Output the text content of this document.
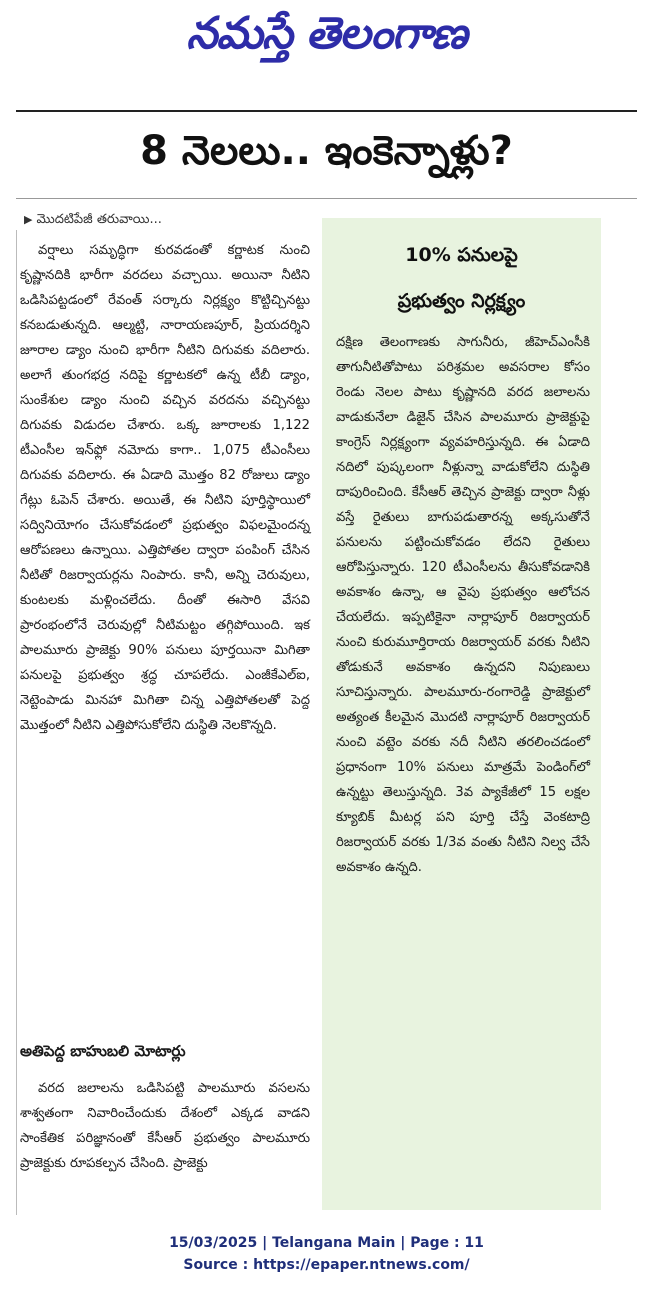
నమస్తే తెలంగాణ
8 నెలలు.. ఇంకెన్నాళ్లు?
▶ మొదటిపేజీ తరువాయి...

వర్షాలు సమృద్ధిగా కురవడంతో కర్ణాటక నుంచి కృష్ణానదికి భారీగా వరదలు వచ్చాయి. అయినా నీటిని ఒడిసిపట్టడంలో రేవంత్ సర్కారు నిర్లక్ష్యం కొట్టిచ్చినట్టు కనబడుతున్నది. ఆల్మట్టి, నారాయణపూర్, ప్రియదర్శిని జూరాల డ్యాం నుంచి భారీగా నీటిని దిగువకు వదిలారు. అలాగే తుంగభద్ర నదిపై కర్ణాటకలో ఉన్న టీబీ డ్యాం, సుంకేశుల డ్యాం నుంచి వచ్చిన వరదను వచ్చినట్టు దిగువకు విడుదల చేశారు. ఒక్క జూరాలకు 1,122 టీఎంసీల ఇన్‌ఫ్లో నమోదు కాగా.. 1,075 టీఎంసీలు దిగువకు వదిలారు. ఈ ఏడాది మొత్తం 82 రోజులు డ్యాం గేట్లు ఓపెన్ చేశారు. అయితే, ఈ నీటిని పూర్తిస్థాయిలో సద్వినియోగం చేసుకోవడంలో ప్రభుత్వం విఫలమైందన్న ఆరోపణలు ఉన్నాయి. ఎత్తిపోతల ద్వారా పంపింగ్ చేసిన నీటితో రిజర్వాయర్లను నింపారు. కానీ, అన్ని చెరువులు, కుంటలకు మళ్లించలేదు. దీంతో ఈసారి వేసవి ప్రారంభంలోనే చెరువుల్లో నీటిమట్టం తగ్గిపోయింది. ఇక పాలమూరు ప్రాజెక్టు 90% పనులు పూర్తయినా మిగితా పనులపై ప్రభుత్వం శ్రద్ధ చూపలేదు. ఎంజీకేఎల్ఐ, నెట్టెంపాడు మినహా మిగితా చిన్న ఎత్తిపోతలతో పెద్ద మొత్తంలో నీటిని ఎత్తిపోసుకోలేని దుస్థితి నెలకొన్నది.

అతిపెద్ద బాహుబలి మోటార్లు

వరద జలాలను ఒడిసిపట్టి పాలమూరు వసలను శాశ్వతంగా నివారించేందుకు దేశంలో ఎక్కడ వాడని సాంకేతిక పరిజ్ఞానంతో కేసీఆర్ ప్రభుత్వం పాలమూరు ప్రాజెక్టుకు రూపకల్పన చేసింది. ప్రాజెక్టు

10% పనులపై
ప్రభుత్వం నిర్లక్ష్యం

దక్షిణ తెలంగాణకు సాగునీరు, జీహెచ్ఎంసీకి తాగునీటితోపాటు పరిశ్రమల అవసరాల కోసం రెండు నెలల పాటు కృష్ణానది వరద జలాలను వాడుకునేలా డిజైన్ చేసిన పాలమూరు ప్రాజెక్టుపై కాంగ్రెస్ నిర్లక్ష్యంగా వ్యవహరిస్తున్నది. ఈ ఏడాది నదిలో పుష్కలంగా నీళ్లున్నా వాడుకోలేని దుస్థితి దాపురించింది. కేసీఆర్ తెచ్చిన ప్రాజెక్టు ద్వారా నీళ్లు వస్తే రైతులు బాగుపడుతారన్న అక్కసుతోనే పనులను పట్టించుకోవడం లేదని రైతులు ఆరోపిస్తున్నారు. 120 టీఎంసీలను తీసుకోవడానికి అవకాశం ఉన్నా, ఆ వైపు ప్రభుత్వం ఆలోచన చేయలేదు. ఇప్పటికైనా నార్లాపూర్ రిజర్వాయర్ నుంచి కురుమూర్తిరాయ రిజర్వాయర్ వరకు నీటిని తోడుకునే అవకాశం ఉన్నదని నిపుణులు సూచిస్తున్నారు. పాలమూరు-రంగారెడ్డి ప్రాజెక్టులో అత్యంత కీలమైన మొదటి నార్లాపూర్ రిజర్వాయర్ నుంచి వట్టెం వరకు నదీ నీటిని తరలించడంలో ప్రధానంగా 10% పనులు మాత్రమే పెండింగ్‌లో ఉన్నట్టు తెలుస్తున్నది. 3వ ప్యాకేజీలో 15 లక్షల క్యూబిక్ మీటర్ల పని పూర్తి చేస్తే వెంకటాద్రి రిజర్వాయర్ వరకు 1/3వ వంతు నీటిని నిల్వ చేసే అవకాశం ఉన్నది.

15/03/2025 | Telangana Main | Page : 11
Source : https://epaper.ntnews.com/
